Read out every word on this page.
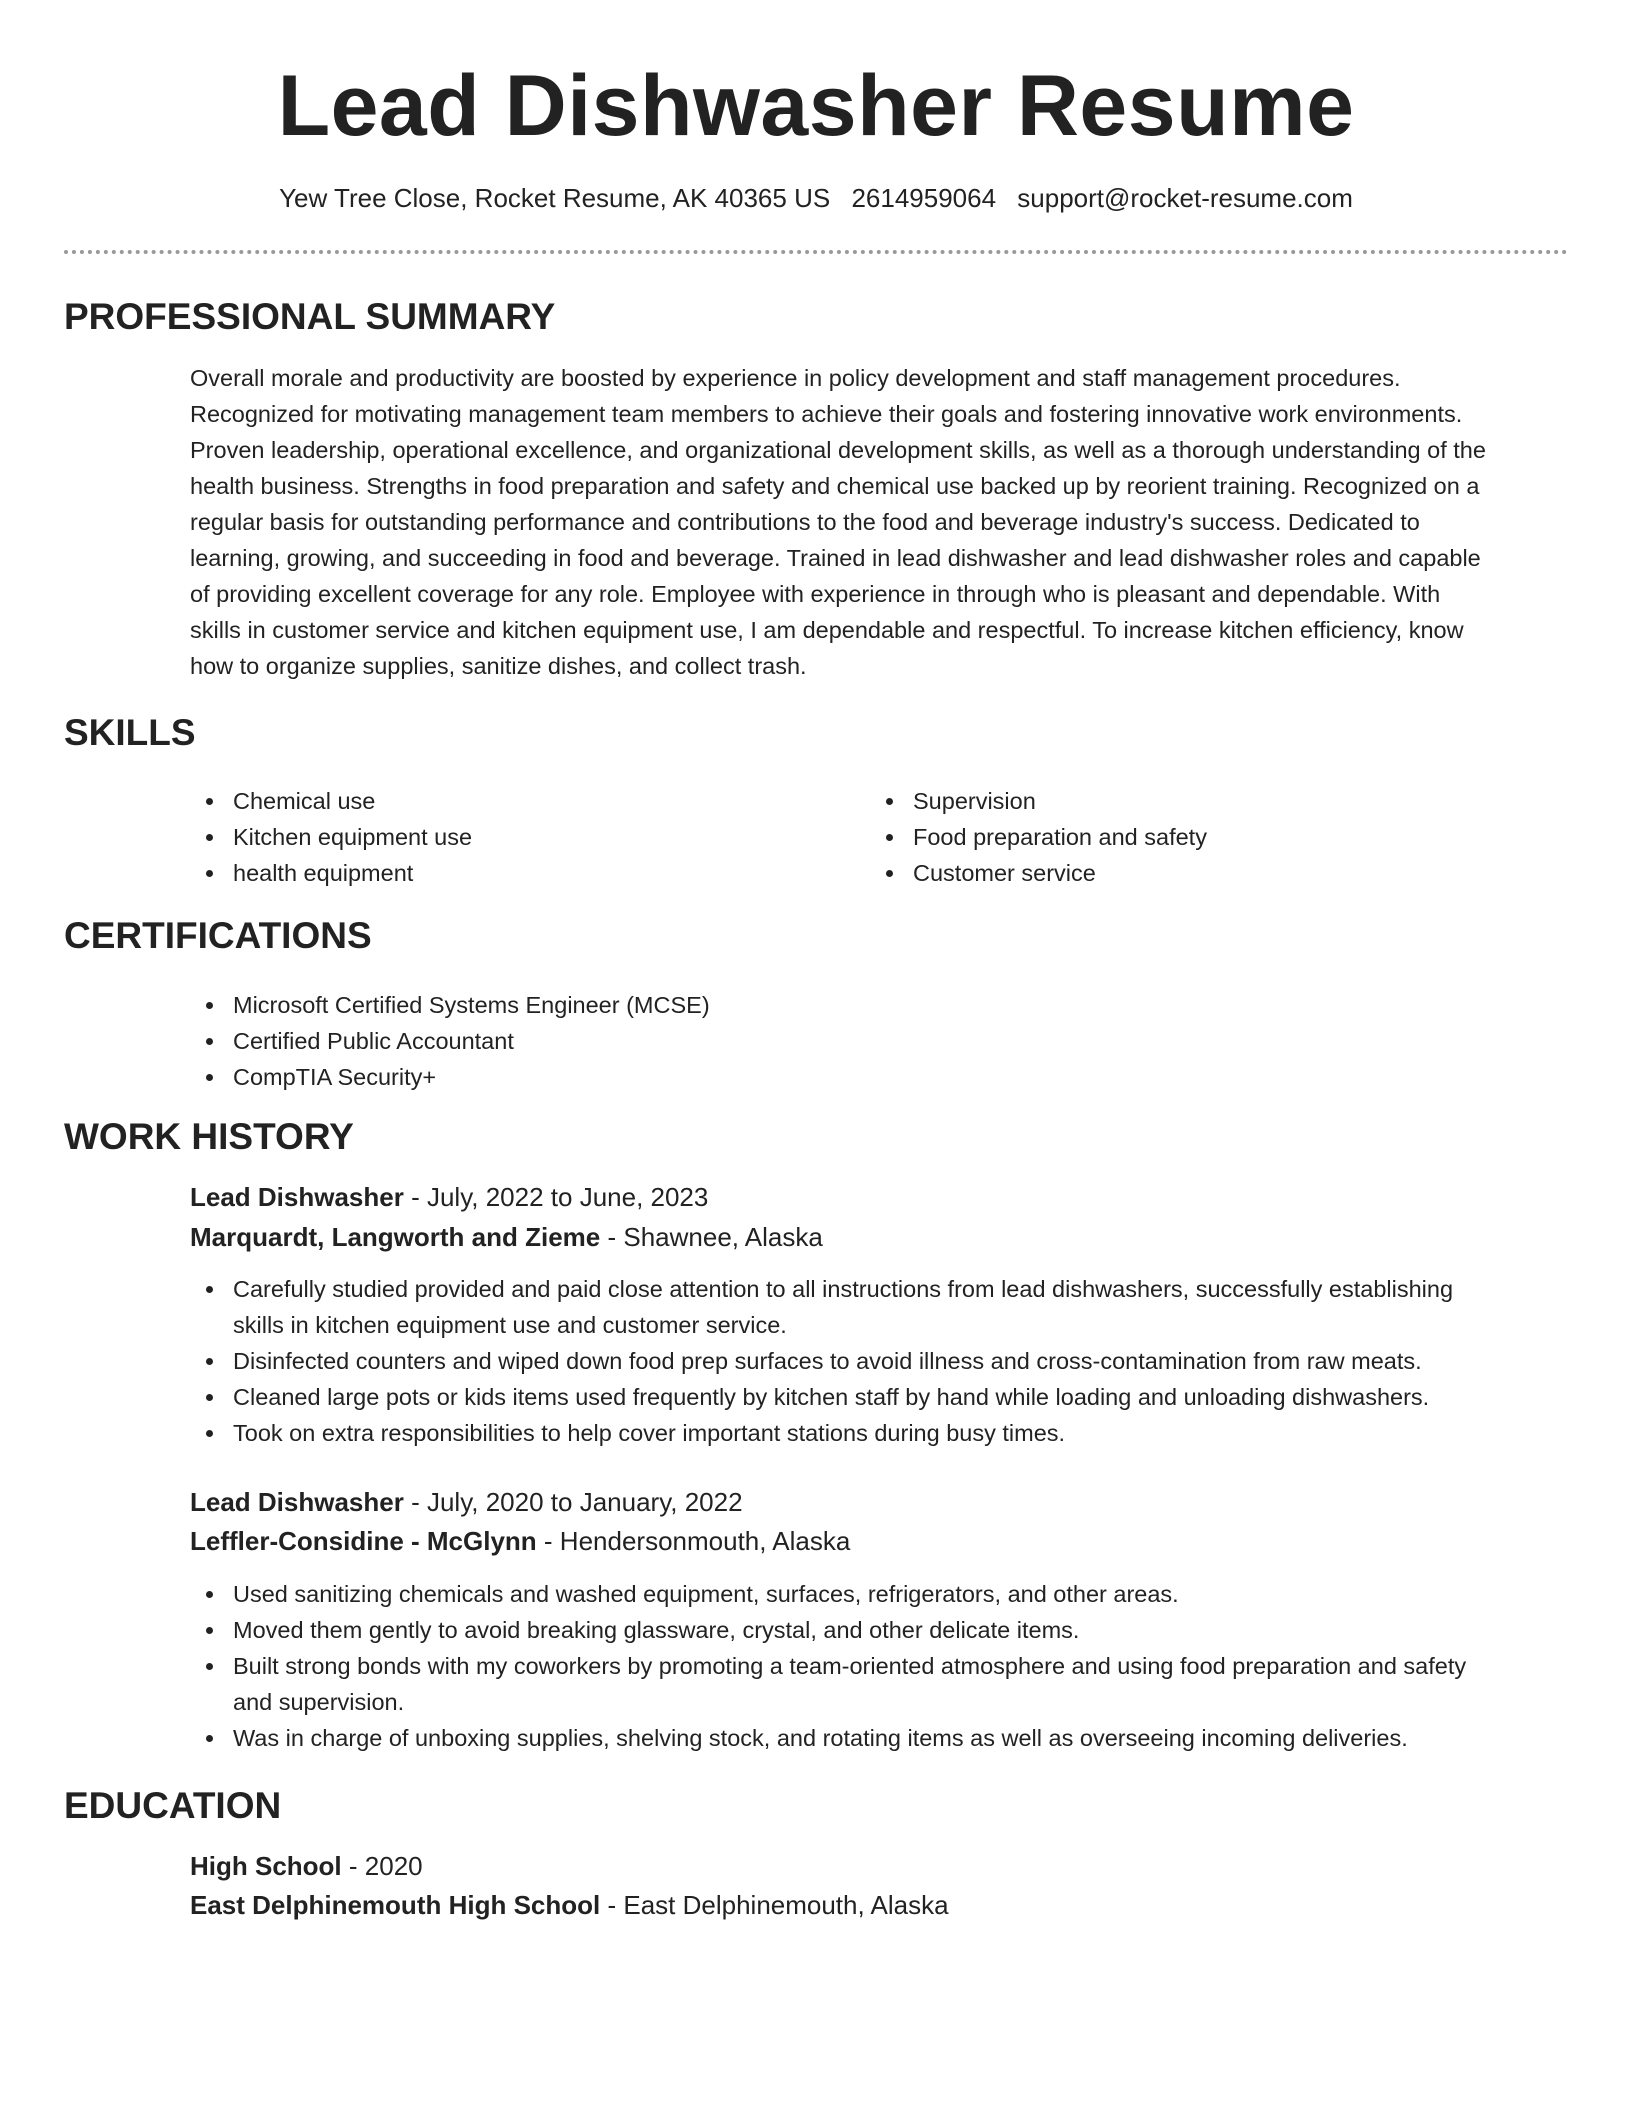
Lead Dishwasher Resume
Yew Tree Close, Rocket Resume, AK 40365 US 2614959064 support@rocket-resume.com
PROFESSIONAL SUMMARY
Overall morale and productivity are boosted by experience in policy development and staff management procedures.
Recognized for motivating management team members to achieve their goals and fostering innovative work environments.
Proven leadership, operational excellence, and organizational development skills, as well as a thorough understanding of the
health business. Strengths in food preparation and safety and chemical use backed up by reorient training. Recognized on a
regular basis for outstanding performance and contributions to the food and beverage industry's success. Dedicated to
learning, growing, and succeeding in food and beverage. Trained in lead dishwasher and lead dishwasher roles and capable
of providing excellent coverage for any role. Employee with experience in through who is pleasant and dependable. With
skills in customer service and kitchen equipment use, I am dependable and respectful. To increase kitchen efficiency, know
how to organize supplies, sanitize dishes, and collect trash.
SKILLS
Chemical use
Kitchen equipment use
health equipment
Supervision
Food preparation and safety
Customer service
CERTIFICATIONS
Microsoft Certified Systems Engineer (MCSE)
Certified Public Accountant
CompTIA Security+
WORK HISTORY
Lead Dishwasher - July, 2022 to June, 2023
Marquardt, Langworth and Zieme - Shawnee, Alaska
Carefully studied provided and paid close attention to all instructions from lead dishwashers, successfully establishing
skills in kitchen equipment use and customer service.
Disinfected counters and wiped down food prep surfaces to avoid illness and cross-contamination from raw meats.
Cleaned large pots or kids items used frequently by kitchen staff by hand while loading and unloading dishwashers.
Took on extra responsibilities to help cover important stations during busy times.
Lead Dishwasher - July, 2020 to January, 2022
Leffler-Considine - McGlynn - Hendersonmouth, Alaska
Used sanitizing chemicals and washed equipment, surfaces, refrigerators, and other areas.
Moved them gently to avoid breaking glassware, crystal, and other delicate items.
Built strong bonds with my coworkers by promoting a team-oriented atmosphere and using food preparation and safety
and supervision.
Was in charge of unboxing supplies, shelving stock, and rotating items as well as overseeing incoming deliveries.
EDUCATION
High School - 2020
East Delphinemouth High School - East Delphinemouth, Alaska
